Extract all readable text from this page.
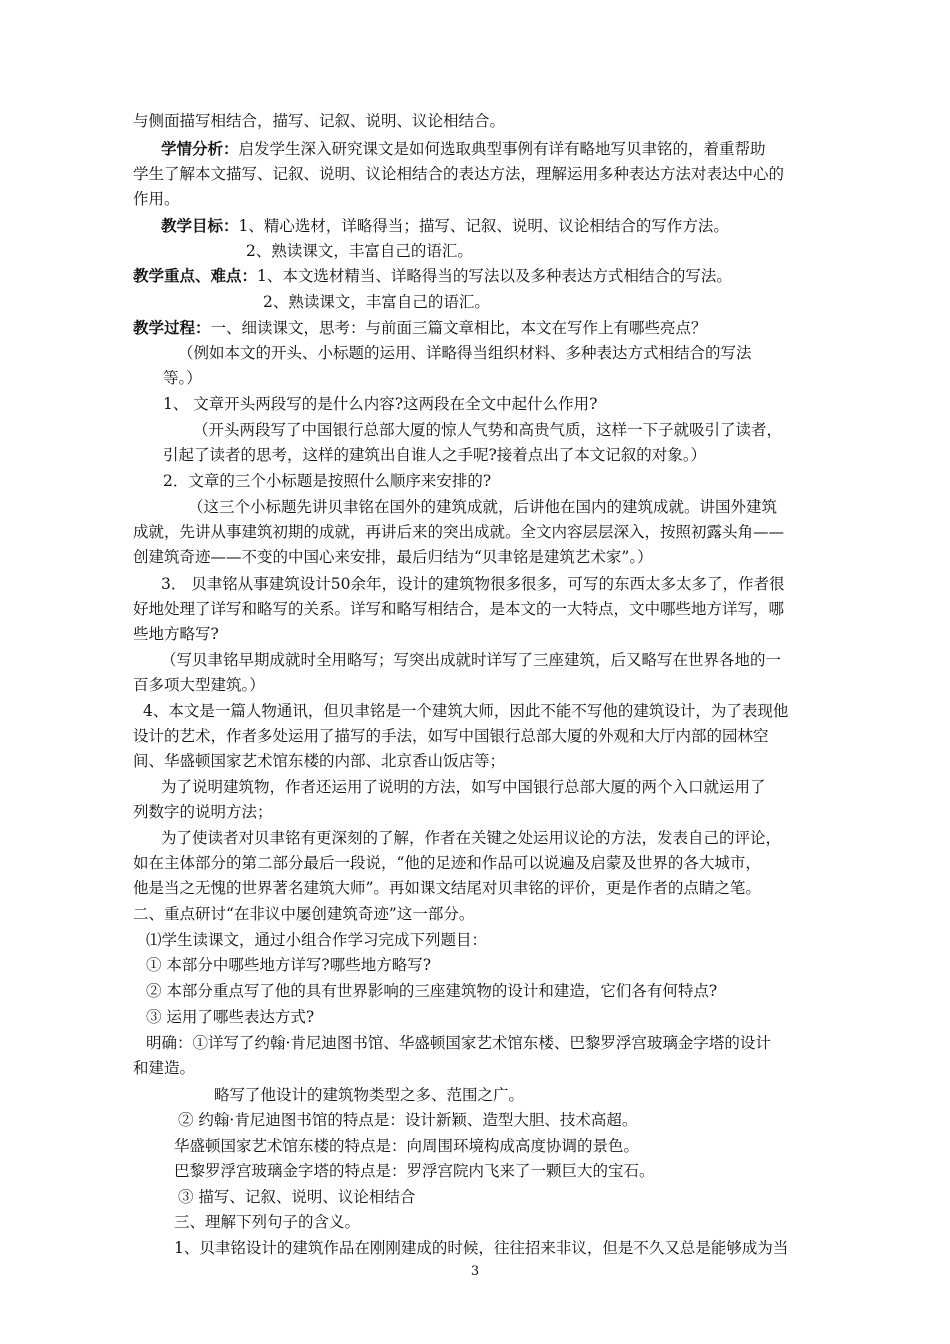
与侧面描写相结合，描写、记叙、说明、议论相结合。
学情分析：启发学生深入研究课文是如何选取典型事例有详有略地写贝聿铭的，着重帮助
学生了解本文描写、记叙、说明、议论相结合的表达方法，理解运用多种表达方法对表达中心的
作用。
教学目标：1、精心选材，详略得当；描写、记叙、说明、议论相结合的写作方法。
2、熟读课文，丰富自己的语汇。
教学重点、难点：1、本文选材精当、详略得当的写法以及多种表达方式相结合的写法。
2、熟读课文，丰富自己的语汇。
教学过程：一、细读课文，思考：与前面三篇文章相比，本文在写作上有哪些亮点？
（例如本文的开头、小标题的运用、详略得当组织材料、多种表达方式相结合的写法
等。）
1、 文章开头两段写的是什么内容?这两段在全文中起什么作用?
（开头两段写了中国银行总部大厦的惊人气势和高贵气质，这样一下子就吸引了读者，
引起了读者的思考，这样的建筑出自谁人之手呢?接着点出了本文记叙的对象。）
2．文章的三个小标题是按照什么顺序来安排的?
（这三个小标题先讲贝聿铭在国外的建筑成就，后讲他在国内的建筑成就。讲国外建筑
成就，先讲从事建筑初期的成就，再讲后来的突出成就。全文内容层层深入，按照初露头角——
创建筑奇迹——不变的中国心来安排，最后归结为“贝聿铭是建筑艺术家”。）
3． 贝聿铭从事建筑设计50余年，设计的建筑物很多很多，可写的东西太多太多了，作者很
好地处理了详写和略写的关系。详写和略写相结合，是本文的一大特点，文中哪些地方详写，哪
些地方略写?
（写贝聿铭早期成就时全用略写；写突出成就时详写了三座建筑，后又略写在世界各地的一
百多项大型建筑。）
4、本文是一篇人物通讯，但贝聿铭是一个建筑大师，因此不能不写他的建筑设计，为了表现他
设计的艺术，作者多处运用了描写的手法，如写中国银行总部大厦的外观和大厅内部的园林空
间、华盛顿国家艺术馆东楼的内部、北京香山饭店等；
为了说明建筑物，作者还运用了说明的方法，如写中国银行总部大厦的两个入口就运用了
列数字的说明方法；
为了使读者对贝聿铭有更深刻的了解，作者在关键之处运用议论的方法，发表自己的评论，
如在主体部分的第二部分最后一段说，“他的足迹和作品可以说遍及启蒙及世界的各大城市，
他是当之无愧的世界著名建筑大师”。再如课文结尾对贝聿铭的评价，更是作者的点睛之笔。
二、重点研讨“在非议中屡创建筑奇迹”这一部分。
⑴学生读课文，通过小组合作学习完成下列题目：
① 本部分中哪些地方详写?哪些地方略写?
② 本部分重点写了他的具有世界影响的三座建筑物的设计和建造，它们各有何特点?
③ 运用了哪些表达方式?
明确：①详写了约翰·肯尼迪图书馆、华盛顿国家艺术馆东楼、巴黎罗浮宫玻璃金字塔的设计
和建造。
略写了他设计的建筑物类型之多、范围之广。
② 约翰·肯尼迪图书馆的特点是：设计新颖、造型大胆、技术高超。
华盛顿国家艺术馆东楼的特点是：向周围环境构成高度协调的景色。
巴黎罗浮宫玻璃金字塔的特点是：罗浮宫院内飞来了一颗巨大的宝石。
③ 描写、记叙、说明、议论相结合
三、理解下列句子的含义。
1、贝聿铭设计的建筑作品在刚刚建成的时候，往往招来非议，但是不久又总是能够成为当
3
